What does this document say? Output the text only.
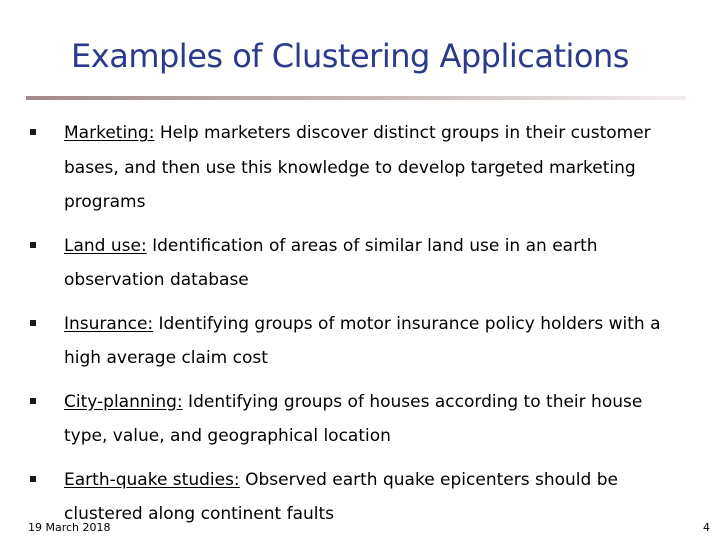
Examples of Clustering Applications
Marketing: Help marketers discover distinct groups in their customer bases, and then use this knowledge to develop targeted marketing programs
Land use: Identification of areas of similar land use in an earth observation database
Insurance: Identifying groups of motor insurance policy holders with a high average claim cost
City-planning: Identifying groups of houses according to their house type, value, and geographical location
Earth-quake studies: Observed earth quake epicenters should be clustered along continent faults
19 March 2018	4
